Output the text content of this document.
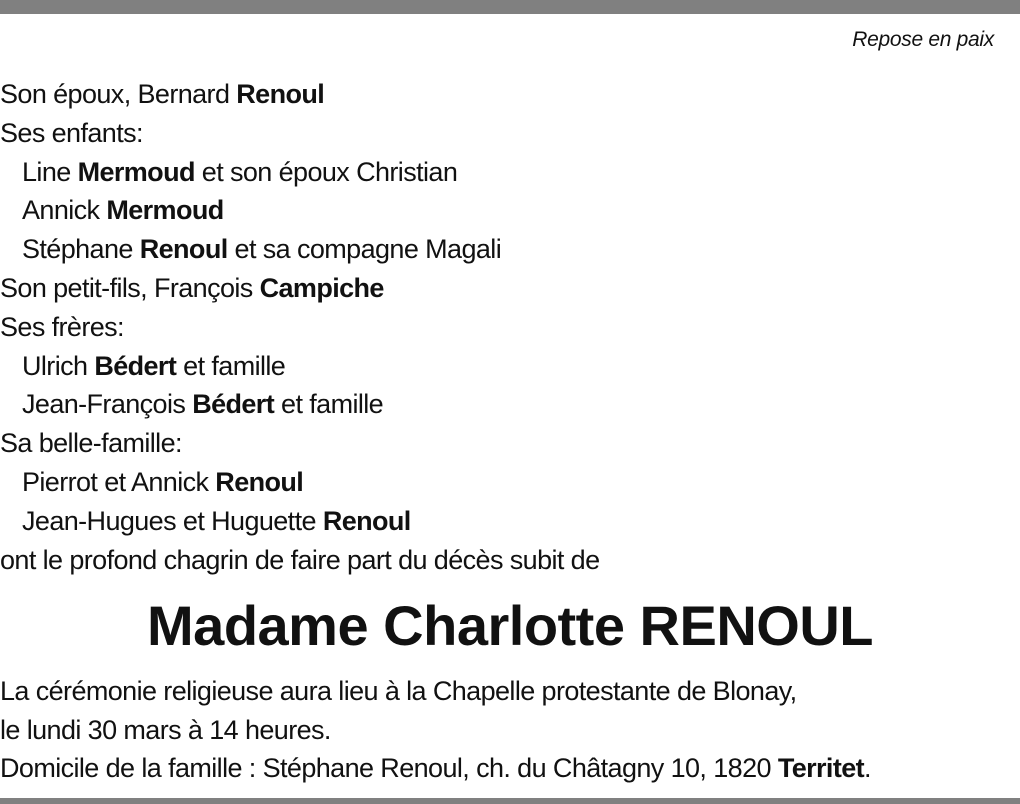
Repose en paix
Son époux, Bernard Renoul
Ses enfants:
Line Mermoud et son époux Christian
Annick Mermoud
Stéphane Renoul et sa compagne Magali
Son petit-fils, François Campiche
Ses frères:
Ulrich Bédert et famille
Jean-François Bédert et famille
Sa belle-famille:
Pierrot et Annick Renoul
Jean-Hugues et Huguette Renoul
ont le profond chagrin de faire part du décès subit de
Madame Charlotte RENOUL
La cérémonie religieuse aura lieu à la Chapelle protestante de Blonay,
le lundi 30 mars à 14 heures.
Domicile de la famille : Stéphane Renoul, ch. du Châtagny 10, 1820 Territet.
